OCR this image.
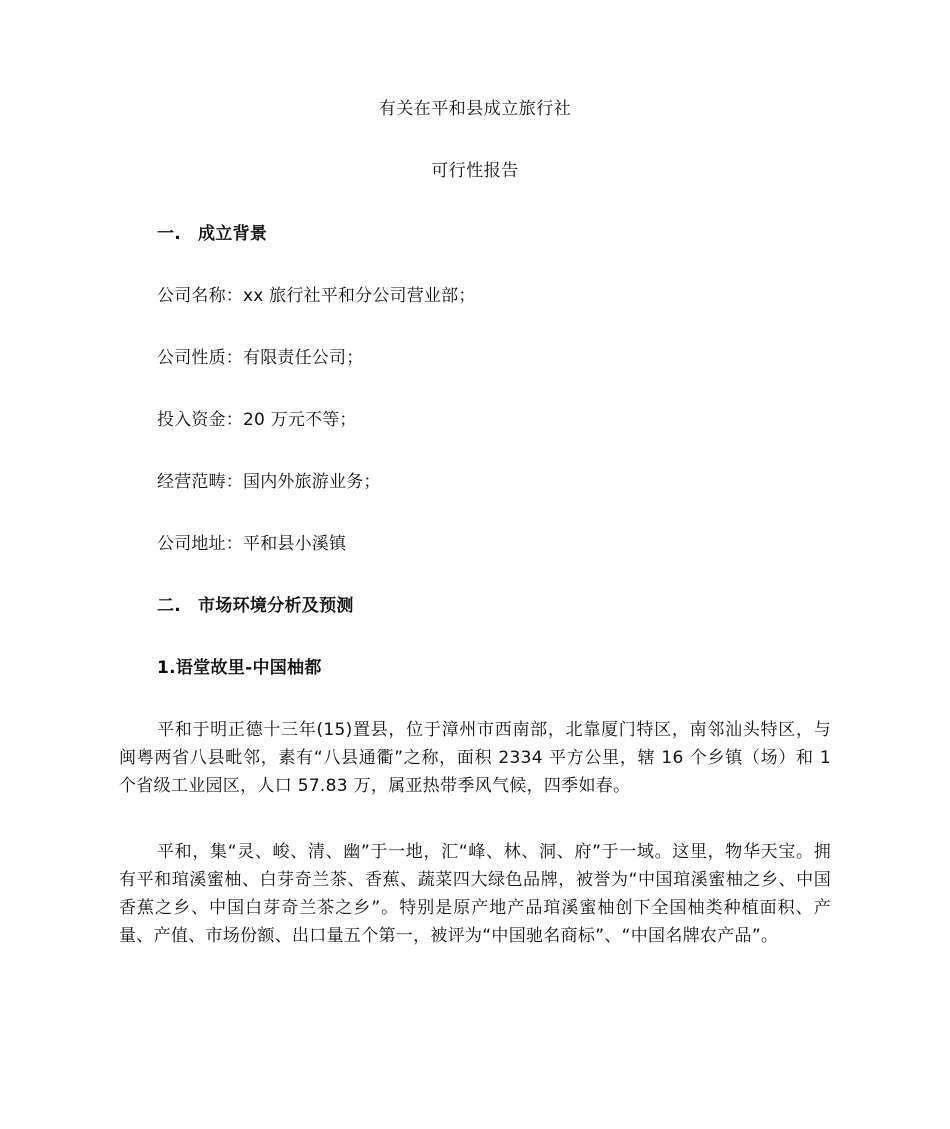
有关在平和县成立旅行社
可行性报告
一. 成立背景
公司名称：xx 旅行社平和分公司营业部；
公司性质：有限责任公司；
投入资金：20 万元不等；
经营范畴：国内外旅游业务；
公司地址：平和县小溪镇
二. 市场环境分析及预测
1.语堂故里-中国柚都
平和于明正德十三年(15)置县，位于漳州市西南部，北靠厦门特区，南邻汕头特区，与闽粤两省八县毗邻，素有“八县通衢”之称，面积 2334 平方公里，辖 16 个乡镇（场）和 1 个省级工业园区，人口 57.83 万，属亚热带季风气候，四季如春。
平和，集“灵、峻、清、幽”于一地，汇“峰、林、洞、府”于一域。这里，物华天宝。拥有平和琯溪蜜柚、白芽奇兰茶、香蕉、蔬菜四大绿色品牌，被誉为“中国琯溪蜜柚之乡、中国香蕉之乡、中国白芽奇兰茶之乡”。特别是原产地产品琯溪蜜柚创下全国柚类种植面积、产量、产值、市场份额、出口量五个第一，被评为“中国驰名商标”、“中国名牌农产品”。
